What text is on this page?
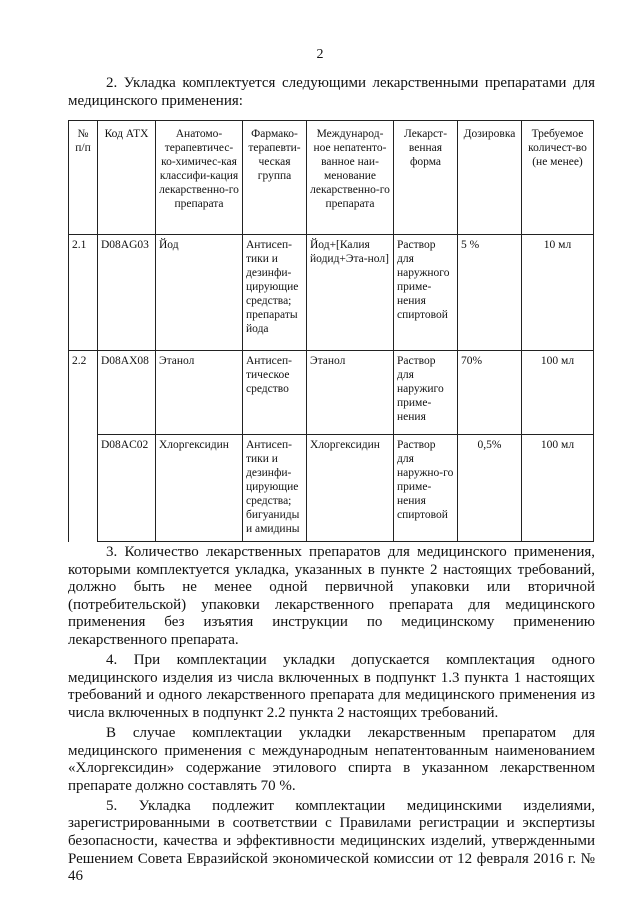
2
2. Укладка комплектуется следующими лекарственными препаратами для медицинского применения:
№ п/п	Код АТХ	Анатомо-терапевтичес-ко-химичес-кая классифи-кация лекарственно-го препарата	Фармако-терапевти-ческая группа	Международ-ное непатенто-ванное наи-менование лекарственно-го препарата	Лекарст-венная форма	Дозировка	Требуемое количест-во (не менее)
2.1	D08AG03	Йод	Антисеп-тики и дезинфи-цирующие средства; препараты йода	Йод+[Калия йодид+Эта-нол]	Раствор для наружного приме-нения спиртовой	5 %	10 мл
2.2	D08AX08	Этанол	Антисеп-тическое средство	Этанол	Раствор для наружиго приме-нения	70%	100 мл
	D08AC02	Хлоргексидин	Антисеп-тики и дезинфи-цирующие средства; бигуаниды и амидины	Хлоргексидин	Раствор для наружно-го приме-нения спиртовой	0,5%	100 мл

3. Количество лекарственных препаратов для медицинского применения, которыми комплектуется укладка, указанных в пункте 2 настоящих требований, должно быть не менее одной первичной упаковки или вторичной (потребительской) упаковки лекарственного препарата для медицинского применения без изъятия инструкции по медицинскому применению лекарственного препарата.

4. При комплектации укладки допускается комплектация одного медицинского изделия из числа включенных в подпункт 1.3 пункта 1 настоящих требований и одного лекарственного препарата для медицинского применения из числа включенных в подпункт 2.2 пункта 2 настоящих требований.

В случае комплектации укладки лекарственным препаратом для медицинского применения с международным непатентованным наименованием «Хлоргексидин» содержание этилового спирта в указанном лекарственном препарате должно составлять 70 %.

5. Укладка подлежит комплектации медицинскими изделиями, зарегистрированными в соответствии с Правилами регистрации и экспертизы безопасности, качества и эффективности медицинских изделий, утвержденными Решением Совета Евразийской экономической комиссии от 12 февраля 2016 г. № 46
